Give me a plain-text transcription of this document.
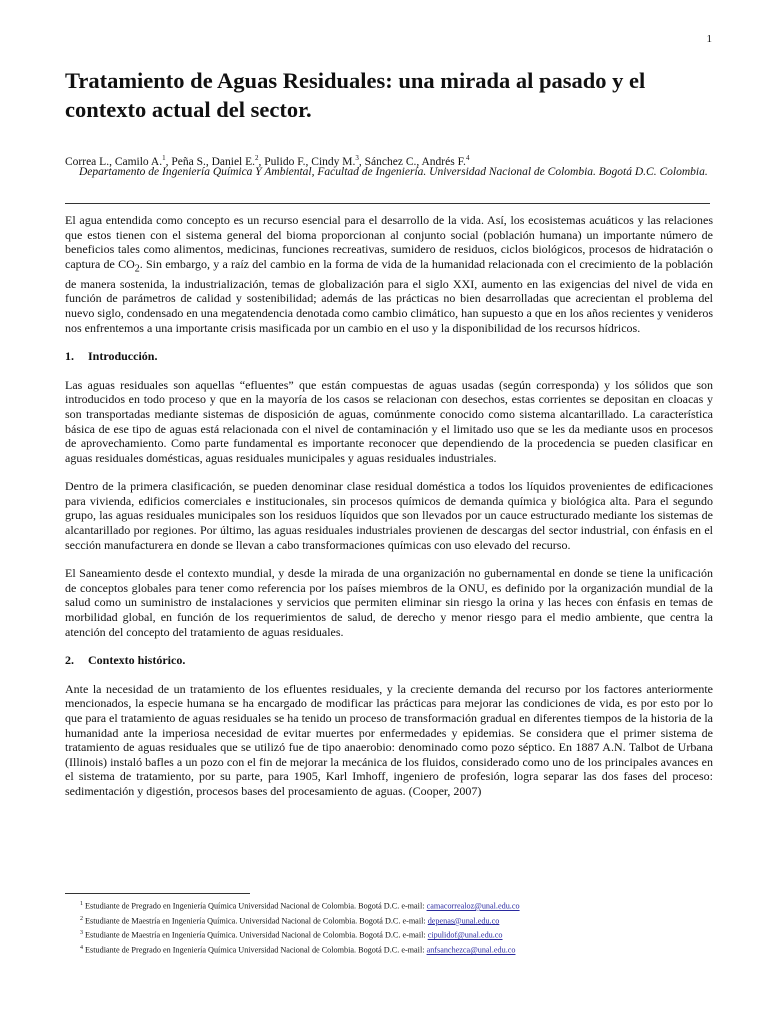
1
Tratamiento de Aguas Residuales: una mirada al pasado y el contexto actual del sector.
Correa L., Camilo A.$^1$, Peña S., Daniel E.$^2$, Pulido F., Cindy M.$^3$, Sánchez C., Andrés F.$^4$
Departamento de Ingeniería Química Y Ambiental, Facultad de Ingeniería. Universidad Nacional de Colombia. Bogotá D.C. Colombia.

El agua entendida como concepto es un recurso esencial para el desarrollo de la vida. Así, los ecosistemas acuáticos y las relaciones que estos tienen con el sistema general del bioma proporcionan al conjunto social (población humana) un importante número de beneficios tales como alimentos, medicinas, funciones recreativas, sumidero de residuos, ciclos biológicos, procesos de hidratación o captura de $CO_2$. Sin embargo, y a raíz del cambio en la forma de vida de la humanidad relacionada con el crecimiento de la población de manera sostenida, la industrialización, temas de globalización para el siglo XXI, aumento en las exigencias del nivel de vida en función de parámetros de calidad y sostenibilidad; además de las prácticas no bien desarrolladas que acrecientan el problema del nuevo siglo, condensado en una megatendencia denotada como cambio climático, han supuesto a que en los años recientes y venideros nos enfrentemos a una importante crisis masificada por un cambio en el uso y la disponibilidad de los recursos hídricos.

1. Introducción.

Las aguas residuales son aquellas “efluentes” que están compuestas de aguas usadas (según corresponda) y los sólidos que son introducidos en todo proceso y que en la mayoría de los casos se relacionan con desechos, estas corrientes se depositan en cloacas y son transportadas mediante sistemas de disposición de aguas, comúnmente conocido como sistema alcantarillado. La característica básica de ese tipo de aguas está relacionada con el nivel de contaminación y el limitado uso que se les da mediante usos en procesos de aprovechamiento. Como parte fundamental es importante reconocer que dependiendo de la procedencia se pueden clasificar en aguas residuales domésticas, aguas residuales municipales y aguas residuales industriales.

Dentro de la primera clasificación, se pueden denominar clase residual doméstica a todos los líquidos provenientes de edificaciones para vivienda, edificios comerciales e institucionales, sin procesos químicos de demanda química y biológica alta. Para el segundo grupo, las aguas residuales municipales son los residuos líquidos que son llevados por un cauce estructurado mediante los sistemas de alcantarillado por regiones. Por último, las aguas residuales industriales provienen de descargas del sector industrial, con énfasis en el sección manufacturera en donde se llevan a cabo transformaciones químicas con uso elevado del recurso.

El Saneamiento desde el contexto mundial, y desde la mirada de una organización no gubernamental en donde se tiene la unificación de conceptos globales para tener como referencia por los países miembros de la ONU, es definido por la organización mundial de la salud como un suministro de instalaciones y servicios que permiten eliminar sin riesgo la orina y las heces con énfasis en temas de morbilidad global, en función de los requerimientos de salud, de derecho y menor riesgo para el medio ambiente, que centra la atención del concepto del tratamiento de aguas residuales.

2. Contexto histórico.

Ante la necesidad de un tratamiento de los efluentes residuales, y la creciente demanda del recurso por los factores anteriormente mencionados, la especie humana se ha encargado de modificar las prácticas para mejorar las condiciones de vida, es por esto por lo que para el tratamiento de aguas residuales se ha tenido un proceso de transformación gradual en diferentes tiempos de la historia de la humanidad ante la imperiosa necesidad de evitar muertes por enfermedades y epidemias. Se considera que el primer sistema de tratamiento de aguas residuales que se utilizó fue de tipo anaerobio: denominado como pozo séptico. En 1887 A.N. Talbot de Urbana (Illinois) instaló bafles a un pozo con el fin de mejorar la mecánica de los fluidos, considerado como uno de los principales avances en el sistema de tratamiento, por su parte, para 1905, Karl Imhoff, ingeniero de profesión, logra separar las dos fases del proceso: sedimentación y digestión, procesos bases del procesamiento de aguas. (Cooper, 2007)

$^1$ Estudiante de Pregrado en Ingeniería Química Universidad Nacional de Colombia. Bogotá D.C. e-mail: camacorrealoz@unal.edu.co
$^2$ Estudiante de Maestría en Ingeniería Química. Universidad Nacional de Colombia. Bogotá D.C. e-mail: depenas@unal.edu.co
$^3$ Estudiante de Maestría en Ingeniería Química. Universidad Nacional de Colombia. Bogotá D.C. e-mail: cipulidof@unal.edu.co
$^4$ Estudiante de Pregrado en Ingeniería Química Universidad Nacional de Colombia. Bogotá D.C. e-mail: anfsanchezca@unal.edu.co
